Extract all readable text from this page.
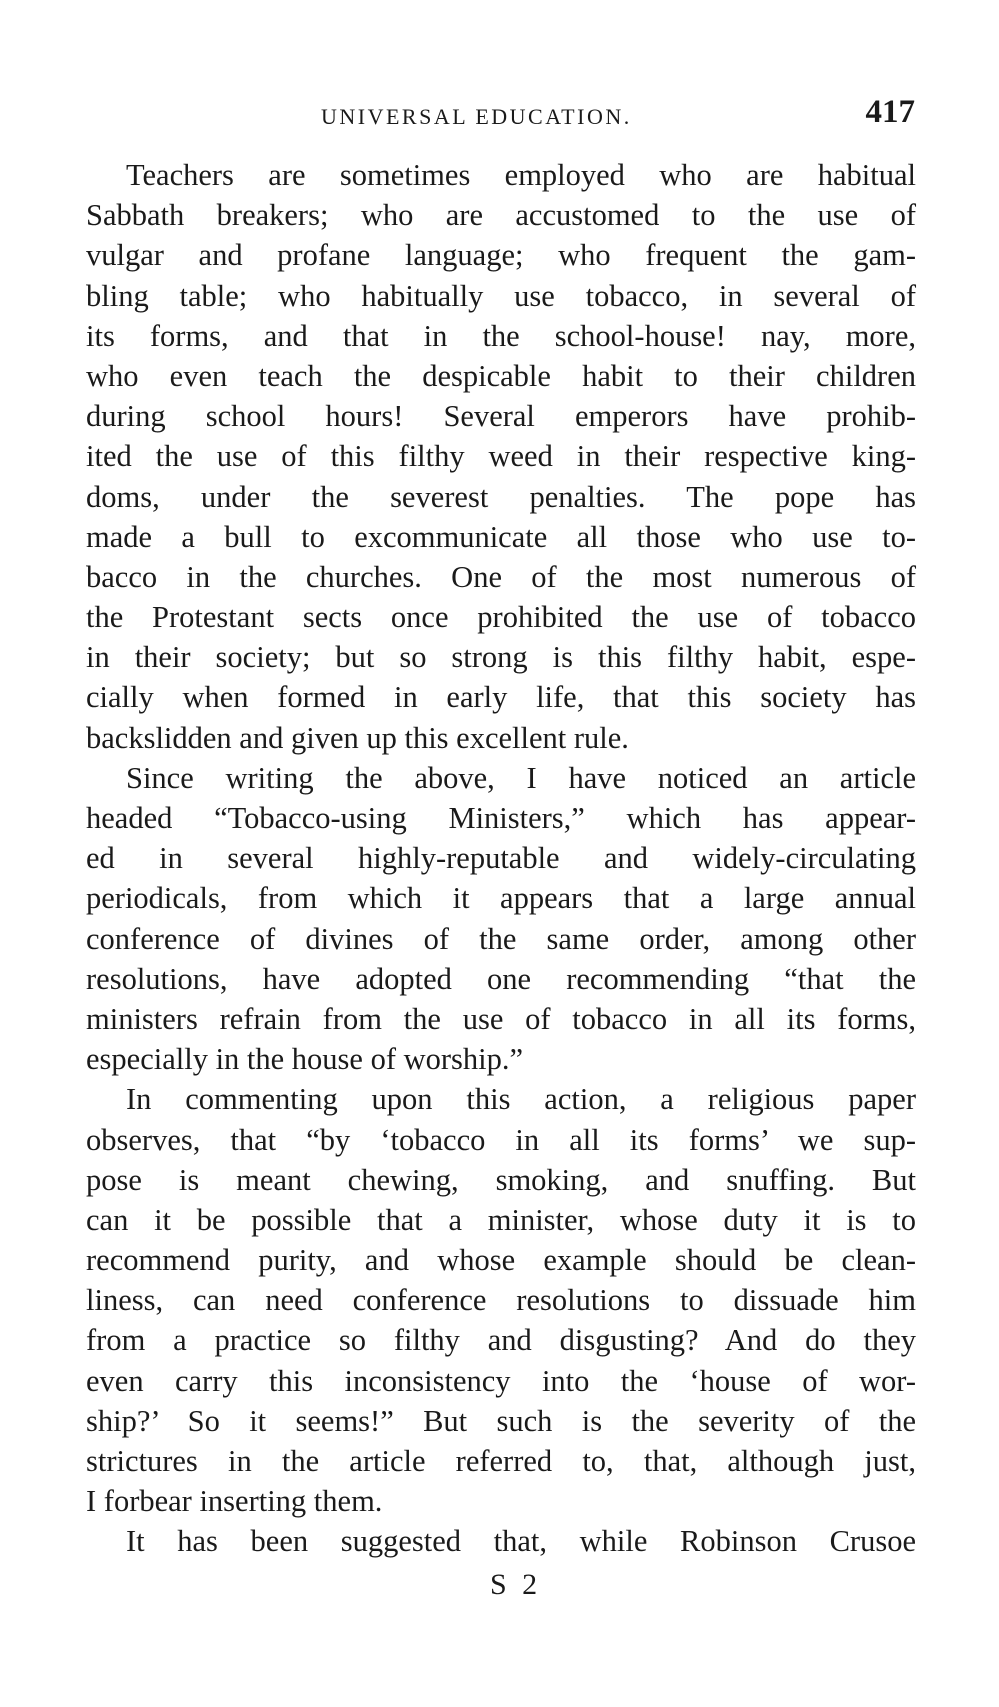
UNIVERSAL EDUCATION.	417
Teachers are sometimes employed who are habitual
Sabbath breakers; who are accustomed to the use of
vulgar and profane language; who frequent the gam-
bling table; who habitually use tobacco, in several of
its forms, and that in the school-house! nay, more,
who even teach the despicable habit to their children
during school hours! Several emperors have prohib-
ited the use of this filthy weed in their respective king-
doms, under the severest penalties. The pope has
made a bull to excommunicate all those who use to-
bacco in the churches. One of the most numerous of
the Protestant sects once prohibited the use of tobacco
in their society; but so strong is this filthy habit, espe-
cially when formed in early life, that this society has
backslidden and given up this excellent rule.
Since writing the above, I have noticed an article
headed “Tobacco-using Ministers,” which has appear-
ed in several highly-reputable and widely-circulating
periodicals, from which it appears that a large annual
conference of divines of the same order, among other
resolutions, have adopted one recommending “that the
ministers refrain from the use of tobacco in all its forms,
especially in the house of worship.”
In commenting upon this action, a religious paper
observes, that “by ‘tobacco in all its forms’ we sup-
pose is meant chewing, smoking, and snuffing. But
can it be possible that a minister, whose duty it is to
recommend purity, and whose example should be clean-
liness, can need conference resolutions to dissuade him
from a practice so filthy and disgusting? And do they
even carry this inconsistency into the ‘house of wor-
ship?’ So it seems!” But such is the severity of the
strictures in the article referred to, that, although just,
I forbear inserting them.
It has been suggested that, while Robinson Crusoe
S 2
